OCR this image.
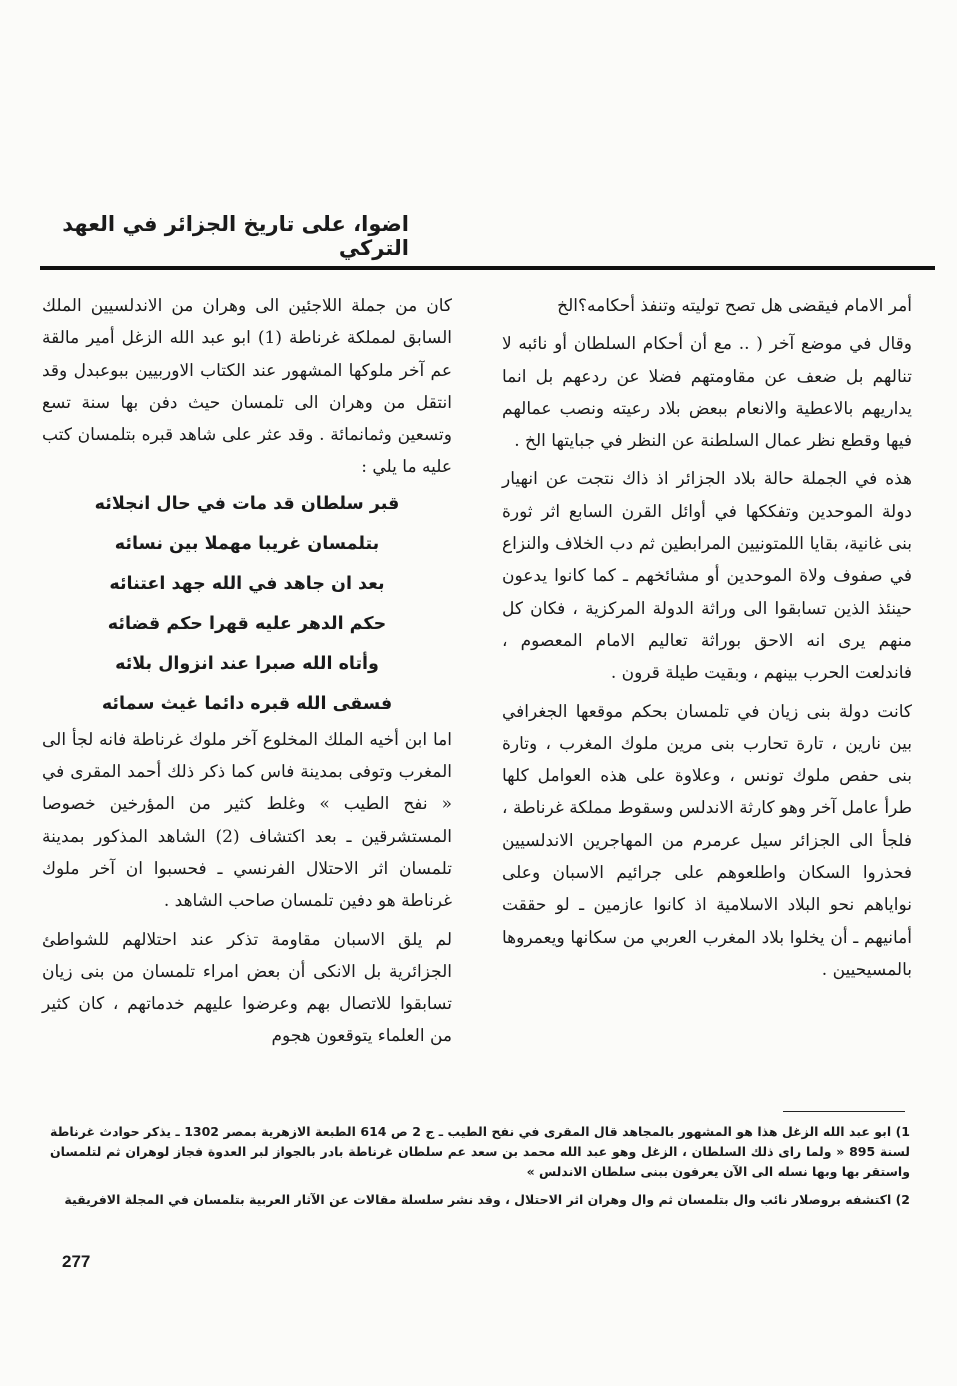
اضوا، على تاريخ الجزائر في العهد التركي

أمر الامام فيقضى هل تصح توليته وتنفذ أحكامه؟الخ

وقال في موضع آخر ( .. مع أن أحكام السلطان أو نائبه لا تنالهم بل ضعف عن مقاومتهم فضلا عن ردعهم بل انما يداريهم بالاعطية والانعام ببعض بلاد رعيته ونصب عمالهم فيها وقطع نظر عمال السلطنة عن النظر في جبايتها الخ .

هذه في الجملة حالة بلاد الجزائر اذ ذاك نتجت عن انهيار دولة الموحدين وتفككها في أوائل القرن السابع اثر ثورة بنى غانية، بقايا اللمتونيين المرابطين ثم دب الخلاف والنزاع في صفوف ولاة الموحدين أو مشائخهم ـ كما كانوا يدعون حينئذ الذين تسابقوا الى وراثة الدولة المركزية ، فكان كل منهم يرى انه الاحق بوراثة تعاليم الامام المعصوم ، فاندلعت الحرب بينهم ، وبقيت طيلة قرون .

كانت دولة بنى زيان في تلمسان بحكم موقعها الجغرافي بين نارين ، تارة تحارب بنى مرين ملوك المغرب ، وتارة بنى حفص ملوك تونس ، وعلاوة على هذه العوامل كلها طرأ عامل آخر وهو كارثة الاندلس وسقوط مملكة غرناطة ، فلجأ الى الجزائر سيل عرمرم من المهاجرين الاندلسيين فحذروا السكان واطلعوهم على جرائيم الاسبان وعلى نواياهم نحو البلاد الاسلامية اذ كانوا عازمين ـ لو حققت أمانيهم ـ أن يخلوا بلاد المغرب العربي من سكانها ويعمروها بالمسيحيين .

كان من جملة اللاجئين الى وهران من الاندلسيين الملك السابق لمملكة غرناطة (1) ابو عبد الله الزغل أمير مالقة عم آخر ملوكها المشهور عند الكتاب الاوربيين ببوعبدل وقد انتقل من وهران الى تلمسان حيث دفن بها سنة تسع وتسعين وثمانمائة . وقد عثر على شاهد قبره بتلمسان كتب عليه ما يلي :

قبر سلطان قد مات في حال انجلائه
بتلمسان غريبا مهملا بين نسائه
بعد ان جاهد في الله جهد اعتنائه
حكم الدهر عليه قهرا حكم قضائه
وأتاه الله صبرا عند انزوال بلائه
فسقى الله قبره دائما غيث سمائه

اما ابن أخيه الملك المخلوع آخر ملوك غرناطة فانه لجأ الى المغرب وتوفى بمدينة فاس كما ذكر ذلك أحمد المقرى في « نفح الطيب » وغلط كثير من المؤرخين خصوصا المستشرقين ـ بعد اكتشاف (2) الشاهد المذكور بمدينة تلمسان اثر الاحتلال الفرنسي ـ فحسبوا ان آخر ملوك غرناطة هو دفين تلمسان صاحب الشاهد .

لم يلق الاسبان مقاومة تذكر عند احتلالهم للشواطئ الجزائرية بل الانكى أن بعض امراء تلمسان من بنى زيان تسابقوا للاتصال بهم وعرضوا عليهم خدماتهم ، كان كثير من العلماء يتوقعون هجوم

1) ابو عبد الله الزغل هذا هو المشهور بالمجاهد قال المقرى في نفح الطيب ـ ج 2 ص 614 الطبعة الازهرية بمصر 1302 ـ يذكر حوادث غرناطة لسنة 895 « ولما راى ذلك السلطان ، الزغل وهو عبد الله محمد بن سعد عم سلطان غرناطة بادر بالجواز لبر العدوة فجاز لوهران ثم لتلمسان واستقر بها وبها نسله الى الآن يعرفون ببنى سلطان الاندلس »

2) اكتشفه بروصلار نائب وال بتلمسان ثم وال وهران اثر الاحتلال ، وقد نشر سلسلة مقالات عن الآثار العربية بتلمسان في المجلة الافريقية

277
